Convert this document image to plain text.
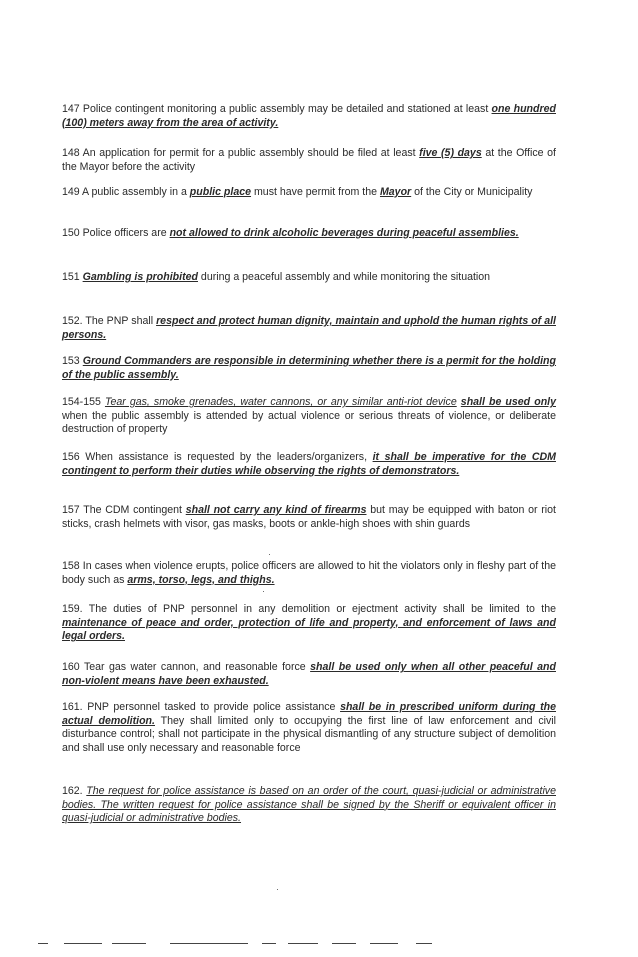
147 Police contingent monitoring a public assembly may be detailed and stationed at least one hundred (100) meters away from the area of activity.

148 An application for permit for a public assembly should be filed at least five (5) days at the Office of the Mayor before the activity

149 A public assembly in a public place must have permit from the Mayor of the City or Municipality

150 Police officers are not allowed to drink alcoholic beverages during peaceful assemblies.

151 Gambling is prohibited during a peaceful assembly and while monitoring the situation

152. The PNP shall respect and protect human dignity, maintain and uphold the human rights of all persons.

153 Ground Commanders are responsible in determining whether there is a permit for the holding of the public assembly.

154-155 Tear gas, smoke grenades, water cannons, or any similar anti-riot device shall be used only when the public assembly is attended by actual violence or serious threats of violence, or deliberate destruction of property

156 When assistance is requested by the leaders/organizers, it shall be imperative for the CDM contingent to perform their duties while observing the rights of demonstrators.

157 The CDM contingent shall not carry any kind of firearms but may be equipped with baton or riot sticks, crash helmets with visor, gas masks, boots or ankle-high shoes with shin guards

158 In cases when violence erupts, police officers are allowed to hit the violators only in fleshy part of the body such as arms, torso, legs, and thighs.

159. The duties of PNP personnel in any demolition or ejectment activity shall be limited to the maintenance of peace and order, protection of life and property, and enforcement of laws and legal orders.

160 Tear gas water cannon, and reasonable force shall be used only when all other peaceful and non-violent means have been exhausted.

161. PNP personnel tasked to provide police assistance shall be in prescribed uniform during the actual demolition. They shall limited only to occupying the first line of law enforcement and civil disturbance control; shall not participate in the physical dismantling of any structure subject of demolition and shall use only necessary and reasonable force

162. The request for police assistance is based on an order of the court, quasi-judicial or administrative bodies. The written request for police assistance shall be signed by the Sheriff or equivalent officer in quasi-judicial or administrative bodies.

·
·
·
